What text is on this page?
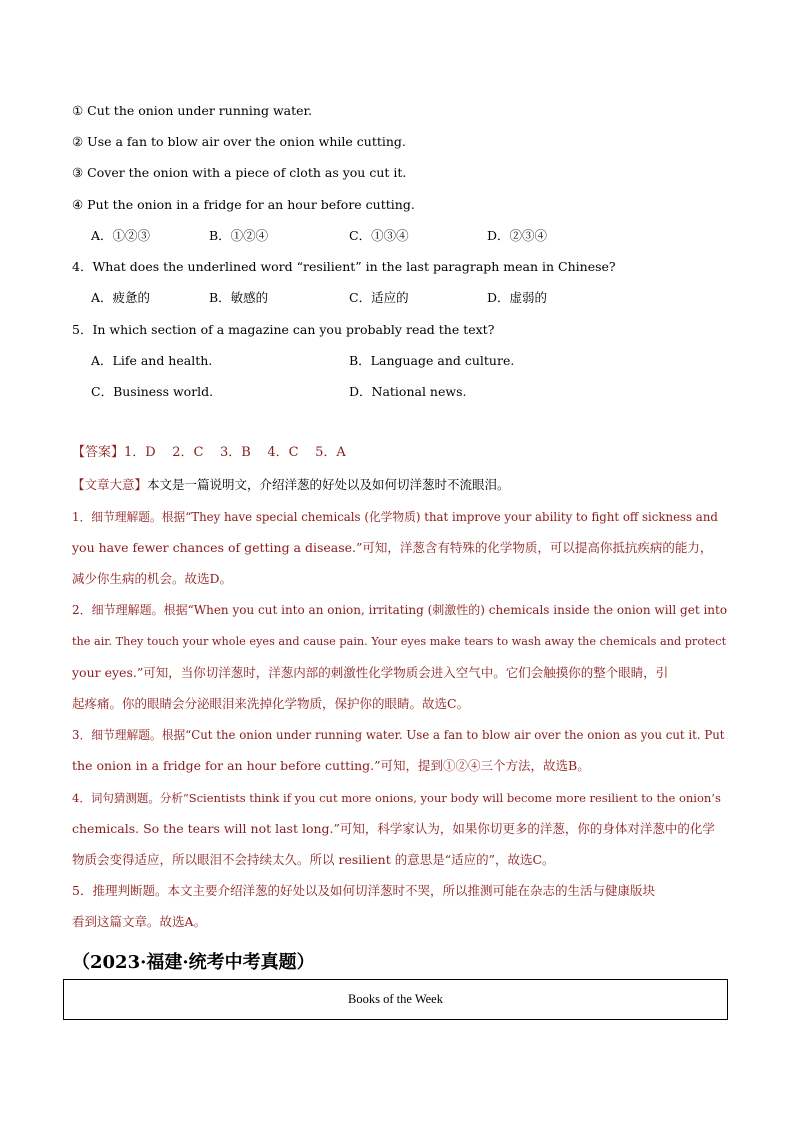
① Cut the onion under running water.
② Use a fan to blow air over the onion while cutting.
③ Cover the onion with a piece of cloth as you cut it.
④ Put the onion in a fridge for an hour before cutting.
A．①②③	B．①②④	C．①③④	D．②③④
4．What does the underlined word “resilient” in the last paragraph mean in Chinese?
A．疲惫的	B．敏感的	C．适应的	D．虚弱的
5．In which section of a magazine can you probably read the text?
A．Life and health.	B．Language and culture.
C．Business world.	D．National news.
【答案】1．D    2．C    3．B    4．C    5．A
【文章大意】本文是一篇说明文，介绍洋葱的好处以及如何切洋葱时不流眼泪。
1．细节理解题。根据“They have special chemicals (化学物质) that improve your ability to fight off sickness and
you have fewer chances of getting a disease.”可知，洋葱含有特殊的化学物质，可以提高你抵抗疾病的能力，
减少你生病的机会。故选D。
2．细节理解题。根据“When you cut into an onion, irritating (刺激性的) chemicals inside the onion will get into
the air. They touch your whole eyes and cause pain. Your eyes make tears to wash away the chemicals and protect
your eyes.”可知，当你切洋葱时，洋葱内部的刺激性化学物质会进入空气中。它们会触摸你的整个眼睛，引
起疼痛。你的眼睛会分泌眼泪来洗掉化学物质，保护你的眼睛。故选C。
3．细节理解题。根据“Cut the onion under running water. Use a fan to blow air over the onion as you cut it. Put
the onion in a fridge for an hour before cutting.”可知，提到①②④三个方法，故选B。
4．词句猜测题。分析“Scientists think if you cut more onions, your body will become more resilient to the onion’s
chemicals. So the tears will not last long.”可知，科学家认为，如果你切更多的洋葱，你的身体对洋葱中的化学
物质会变得适应，所以眼泪不会持续太久。所以 resilient 的意思是“适应的”，故选C。
5．推理判断题。本文主要介绍洋葱的好处以及如何切洋葱时不哭，所以推测可能在杂志的生活与健康版块
看到这篇文章。故选A。
（2023·福建·统考中考真题）
Books of the Week
